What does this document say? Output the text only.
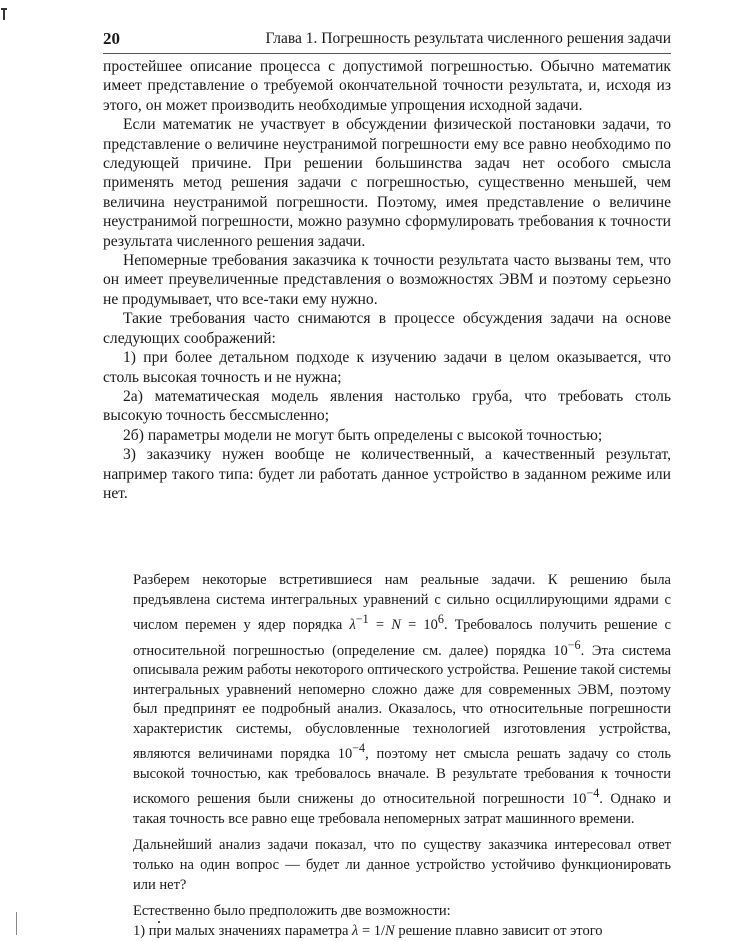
20	Глава 1. Погрешность результата численного решения задачи

простейшее описание процесса с допустимой погрешностью. Обычно математик имеет представление о требуемой окончательной точности результата, и, исходя из этого, он может производить необходимые упрощения исходной задачи.

Если математик не участвует в обсуждении физической постановки задачи, то представление о величине неустранимой погрешности ему все равно необходимо по следующей причине. При решении большинства задач нет особого смысла применять метод решения задачи с погрешностью, существенно меньшей, чем величина неустранимой погрешности. Поэтому, имея представление о величине неустранимой погрешности, можно разумно сформулировать требования к точности результата численного решения задачи.

Непомерные требования заказчика к точности результата часто вызваны тем, что он имеет преувеличенные представления о возможностях ЭВМ и поэтому серьезно не продумывает, что все-таки ему нужно.

Такие требования часто снимаются в процессе обсуждения задачи на основе следующих соображений:

1) при более детальном подходе к изучению задачи в целом оказывается, что столь высокая точность и не нужна;

2а) математическая модель явления настолько груба, что требовать столь высокую точность бессмысленно;

2б) параметры модели не могут быть определены с высокой точностью;

3) заказчику нужен вообще не количественный, а качественный результат, например такого типа: будет ли работать данное устройство в заданном режиме или нет.

Разберем некоторые встретившиеся нам реальные задачи. К решению была предъявлена система интегральных уравнений с сильно осциллирующими ядрами с числом перемен у ядер порядка $\lambda^{-1} = N = 10^6$. Требовалось получить решение с относительной погрешностью (определение см. далее) порядка $10^{-6}$. Эта система описывала режим работы некоторого оптического устройства. Решение такой системы интегральных уравнений непомерно сложно даже для современных ЭВМ, поэтому был предпринят ее подробный анализ. Оказалось, что относительные погрешности характеристик системы, обусловленные технологией изготовления устройства, являются величинами порядка $10^{-4}$, поэтому нет смысла решать задачу со столь высокой точностью, как требовалось вначале. В результате требования к точности искомого решения были снижены до относительной погрешности $10^{-4}$. Однако и такая точность все равно еще требовала непомерных затрат машинного времени.

Дальнейший анализ задачи показал, что по существу заказчика интересовал ответ только на один вопрос — будет ли данное устройство устойчиво функционировать или нет?

Естественно было предположить две возможности:

1) при малых значениях параметра λ = 1/N решение плавно зависит от этого
